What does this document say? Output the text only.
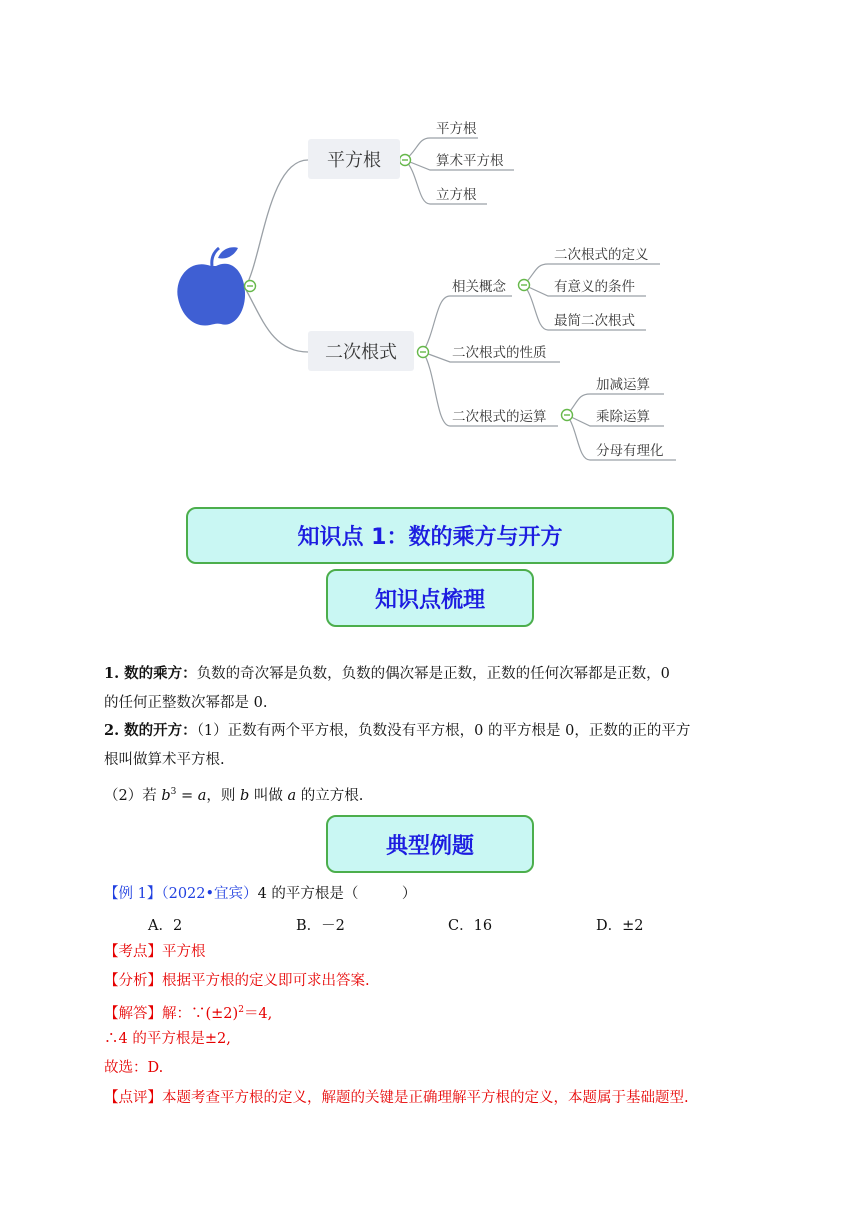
平方根
平方根
算术平方根
立方根
二次根式
相关概念
二次根式的性质
二次根式的运算
二次根式的定义
有意义的条件
最简二次根式
加减运算
乘除运算
分母有理化
知识点 1：数的乘方与开方
知识点梳理
1. 数的乘方：负数的奇次幂是负数，负数的偶次幂是正数，正数的任何次幂都是正数，0
的任何正整数次幂都是 0.
2. 数的开方：（1）正数有两个平方根，负数没有平方根，0 的平方根是 0，正数的正的平方
根叫做算术平方根.
（2）若 $b^3 = a$，则 b 叫做 a 的立方根.
典型例题
【例 1】（2022•宜宾）4 的平方根是（　　　）
A．2	B．－2	C．16	D．±2
【考点】平方根
【分析】根据平方根的定义即可求出答案.
【解答】解：$\because(\pm 2)^2=4$,
∴4 的平方根是±2,
故选：D.
【点评】本题考查平方根的定义，解题的关键是正确理解平方根的定义，本题属于基础题型.
